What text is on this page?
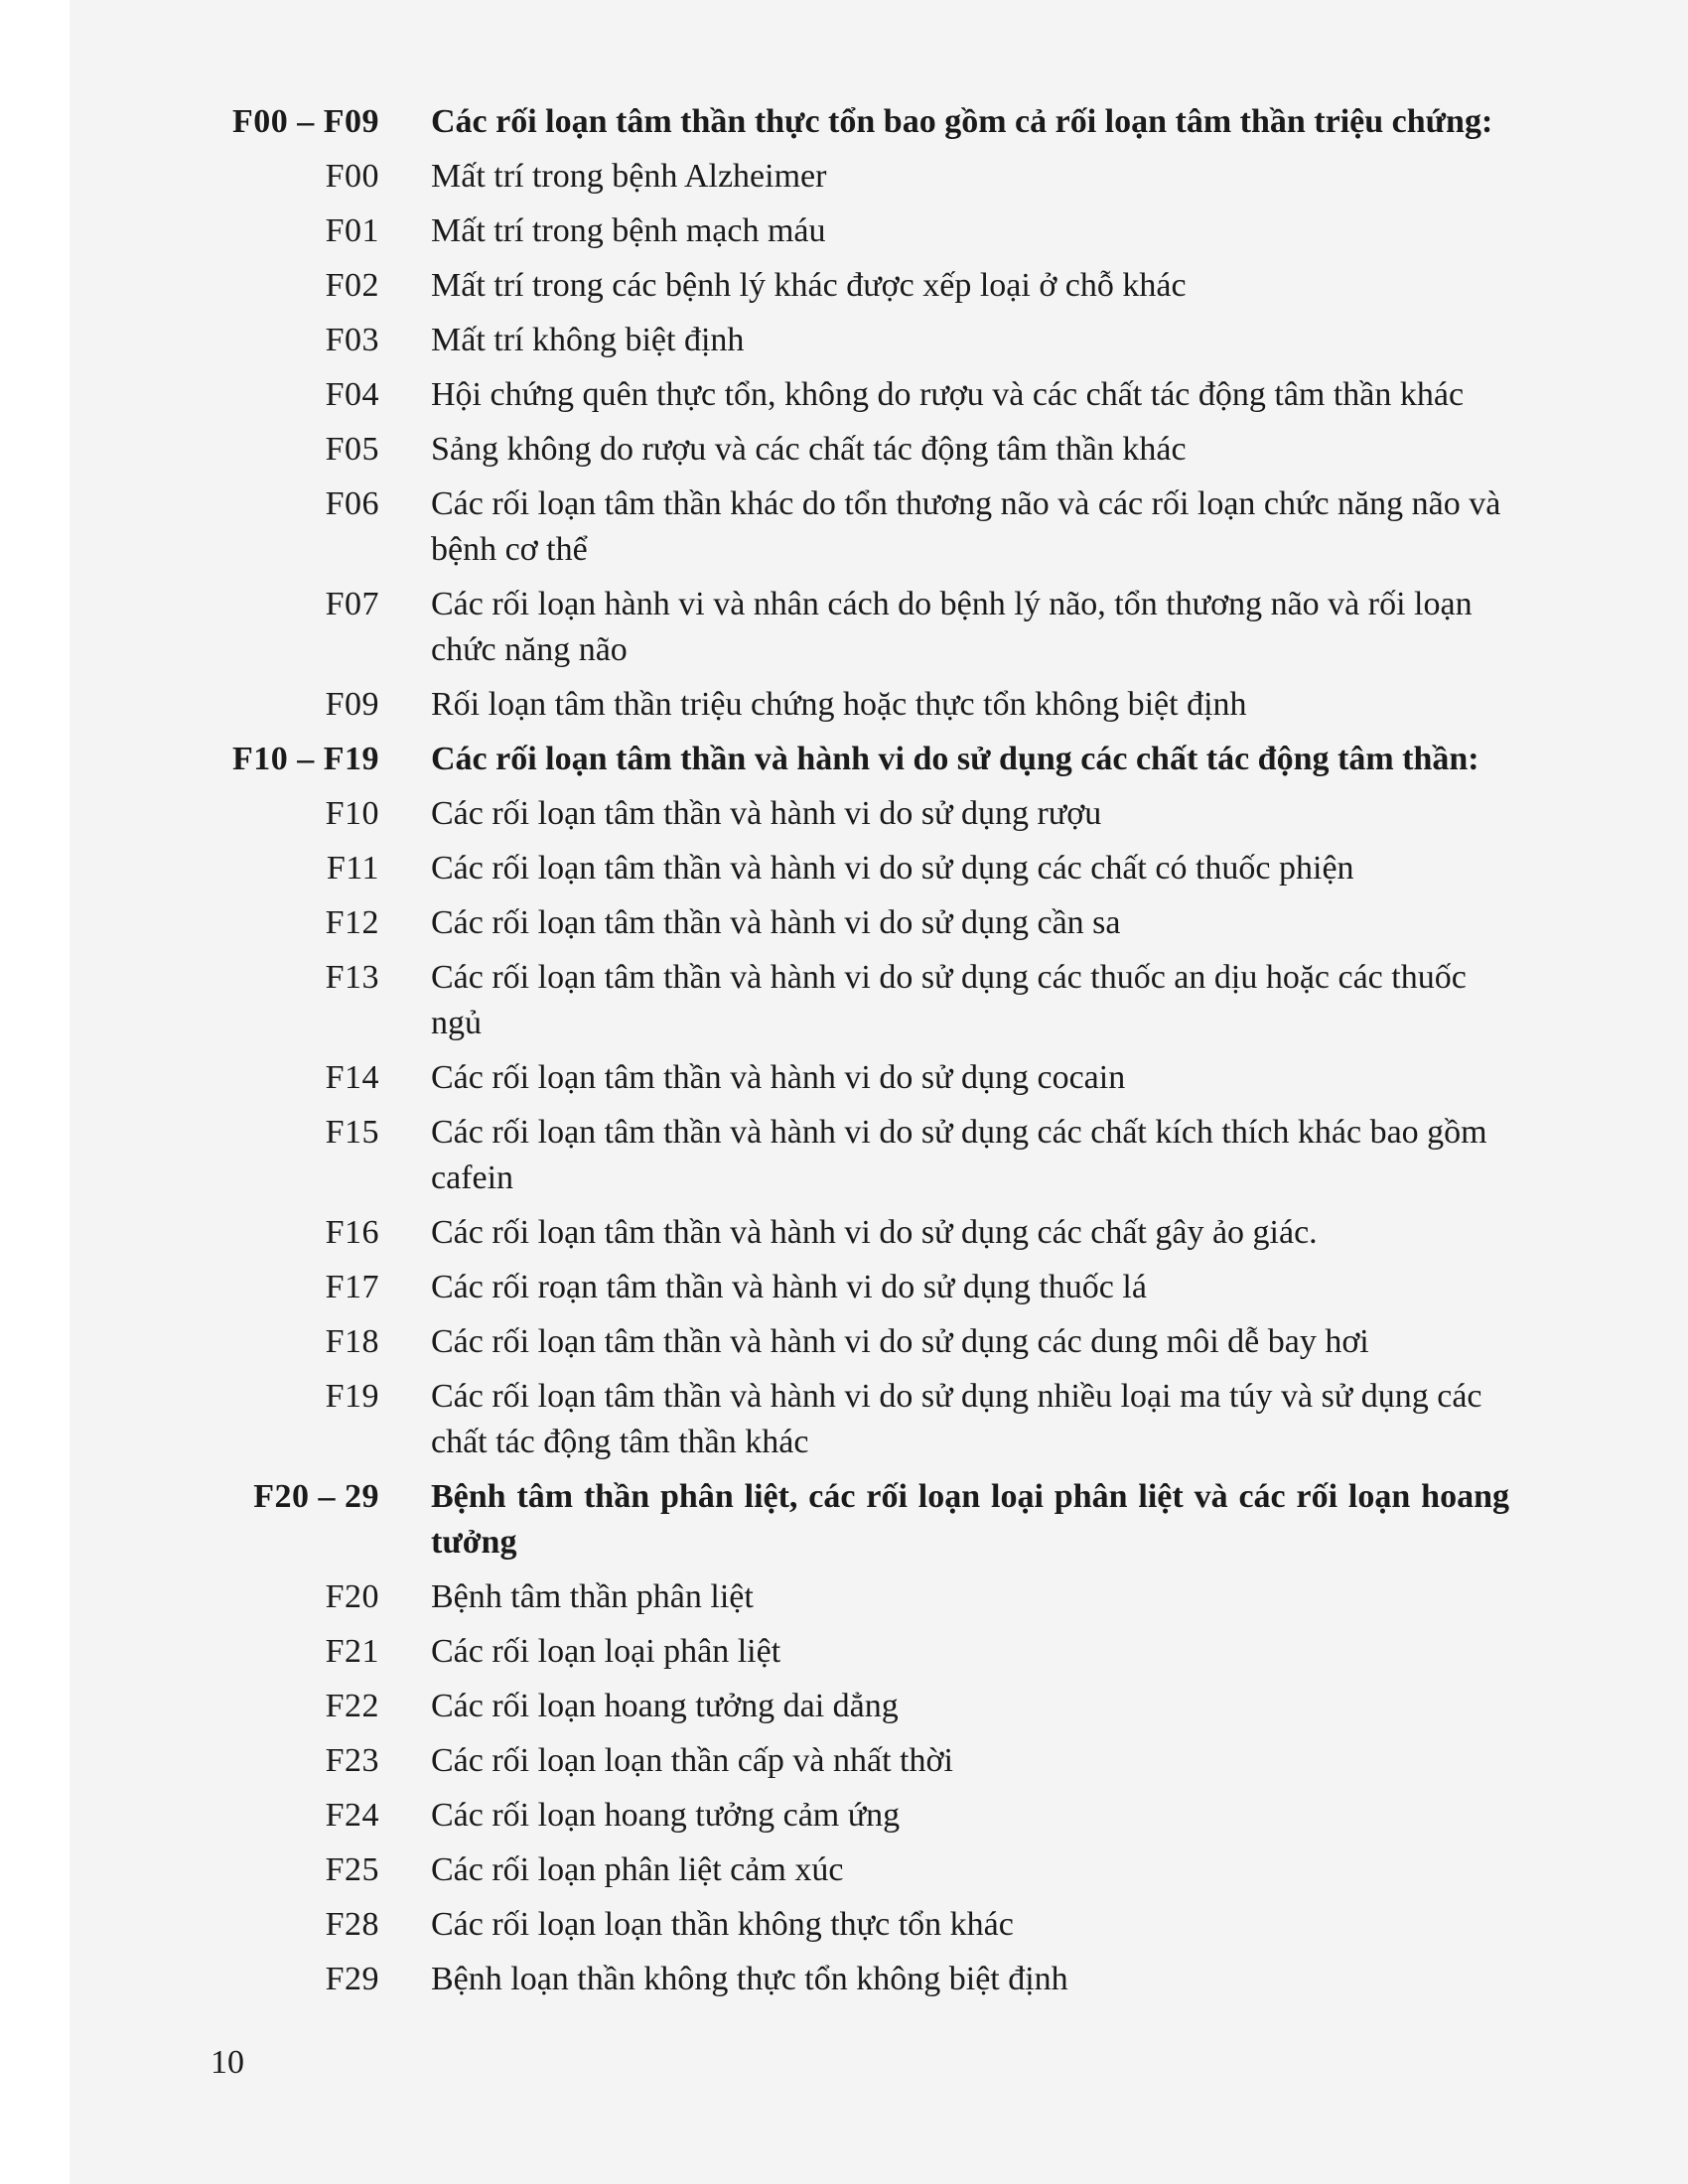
F00 – F09 Các rối loạn tâm thần thực tổn bao gồm cả rối loạn tâm thần triệu chứng:
F00 Mất trí trong bệnh Alzheimer
F01 Mất trí trong bệnh mạch máu
F02 Mất trí trong các bệnh lý khác được xếp loại ở chỗ khác
F03 Mất trí không biệt định
F04 Hội chứng quên thực tổn, không do rượu và các chất tác động tâm thần khác
F05 Sảng không do rượu và các chất tác động tâm thần khác
F06 Các rối loạn tâm thần khác do tổn thương não và các rối loạn chức năng não và bệnh cơ thể
F07 Các rối loạn hành vi và nhân cách do bệnh lý não, tổn thương não và rối loạn chức năng não
F09 Rối loạn tâm thần triệu chứng hoặc thực tổn không biệt định
F10 – F19 Các rối loạn tâm thần và hành vi do sử dụng các chất tác động tâm thần:
F10 Các rối loạn tâm thần và hành vi do sử dụng rượu
F11 Các rối loạn tâm thần và hành vi do sử dụng các chất có thuốc phiện
F12 Các rối loạn tâm thần và hành vi do sử dụng cần sa
F13 Các rối loạn tâm thần và hành vi do sử dụng các thuốc an dịu hoặc các thuốc ngủ
F14 Các rối loạn tâm thần và hành vi do sử dụng cocain
F15 Các rối loạn tâm thần và hành vi do sử dụng các chất kích thích khác bao gồm cafein
F16 Các rối loạn tâm thần và hành vi do sử dụng các chất gây ảo giác.
F17 Các rối roạn tâm thần và hành vi do sử dụng thuốc lá
F18 Các rối loạn tâm thần và hành vi do sử dụng các dung môi dễ bay hơi
F19 Các rối loạn tâm thần và hành vi do sử dụng nhiều loại ma túy và sử dụng các chất tác động tâm thần khác
F20 – 29 Bệnh tâm thần phân liệt, các rối loạn loại phân liệt và các rối loạn hoang tưởng
F20 Bệnh tâm thần phân liệt
F21 Các rối loạn loại phân liệt
F22 Các rối loạn hoang tưởng dai dẳng
F23 Các rối loạn loạn thần cấp và nhất thời
F24 Các rối loạn hoang tưởng cảm ứng
F25 Các rối loạn phân liệt cảm xúc
F28 Các rối loạn loạn thần không thực tổn khác
F29 Bệnh loạn thần không thực tổn không biệt định
10
